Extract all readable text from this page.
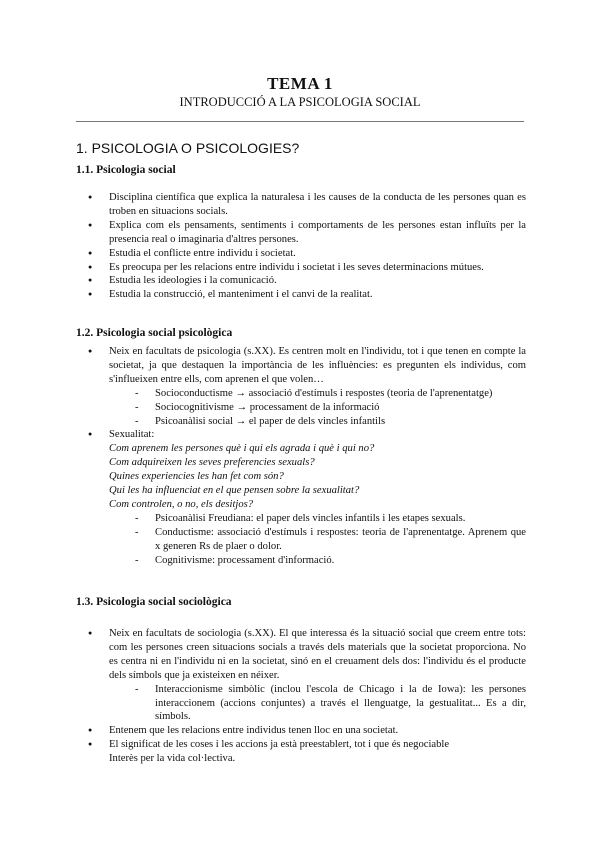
TEMA 1
INTRODUCCIÓ A LA PSICOLOGIA SOCIAL
1. PSICOLOGIA O PSICOLOGIES?
1.1. Psicologia social
● Disciplina científica que explica la naturalesa i les causes de la conducta de les persones quan es troben en situacions socials.
● Explica com els pensaments, sentiments i comportaments de les persones estan influïts per la presencia real o imaginaria d'altres persones.
● Estudia el conflicte entre individu i societat.
● Es preocupa per les relacions entre individu i societat i les seves determinacions mútues.
● Estudia les ideologies i la comunicació.
● Estudia la construcció, el manteniment i el canvi de la realitat.
1.2. Psicologia social psicològica
● Neix en facultats de psicologia (s.XX). Es centren molt en l'individu, tot i que tenen en compte la societat, ja que destaquen la importància de les influències: es pregunten els individus, com s'influeixen entre ells, com aprenen el que volen…
- Socioconductisme → associació d'estímuls i respostes (teoria de l'aprenentatge)
- Sociocognitivisme → processament de la informació
- Psicoanàlisi social → el paper de dels vincles infantils
● Sexualitat:
Com aprenem les persones què i qui els agrada i què i qui no?
Com adquireixen les seves preferencies sexuals?
Quines experiencies les han fet com són?
Qui les ha influenciat en el que pensen sobre la sexualitat?
Com controlen, o no, els desitjos?
- Psicoanàlisi Freudiana: el paper dels vincles infantils i les etapes sexuals.
- Conductisme: associació d'estímuls i respostes: teoria de l'aprenentatge. Aprenem que x generen Rs de plaer o dolor.
- Cognitivisme: processament d'informació.
1.3. Psicologia social sociològica
● Neix en facultats de sociologia (s.XX). El que interessa és la situació social que creem entre tots: com les persones creen situacions socials a través dels materials que la societat proporciona. No es centra ni en l'individu ni en la societat, sinó en el creuament dels dos: l'individu és el producte dels símbols que ja existeixen en néixer.
- Interaccionisme simbòlic (inclou l'escola de Chicago i la de Iowa): les persones interaccionem (accions conjuntes) a través el llenguatge, la gestualitat... Es a dir, símbols.
● Entenem que les relacions entre individus tenen lloc en una societat.
● El significat de les coses i les accions ja està preestablert, tot i que és negociable
Interès per la vida col·lectiva.
